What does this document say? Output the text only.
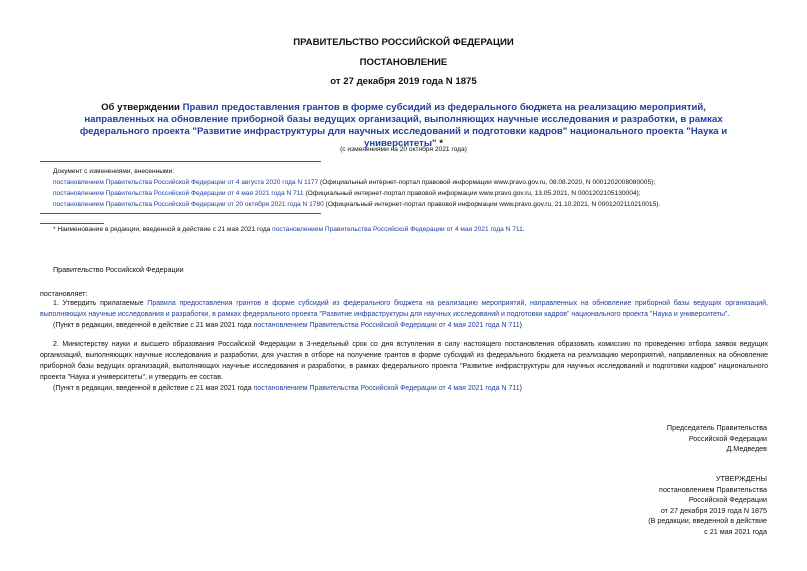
ПРАВИТЕЛЬСТВО РОССИЙСКОЙ ФЕДЕРАЦИИ
ПОСТАНОВЛЕНИЕ
от 27 декабря 2019 года N 1875
Об утверждении Правил предоставления грантов в форме субсидий из федерального бюджета на реализацию мероприятий, направленных на обновление приборной базы ведущих организаций, выполняющих научные исследования и разработки, в рамках федерального проекта "Развитие инфраструктуры для научных исследований и подготовки кадров" национального проекта "Наука и университеты" *
(с изменениями на 20 октября 2021 года)
Документ с изменениями, внесенными:
постановлением Правительства Российской Федерации от 4 августа 2020 года N 1177 (Официальный интернет-портал правовой информации www.pravo.gov.ru, 08.08.2020, N 0001202008080005);
постановлением Правительства Российской Федерации от 4 мая 2021 года N 711 (Официальный интернет-портал правовой информации www.pravo.gov.ru, 13.05.2021, N 0001202105130004);
постановлением Правительства Российской Федерации от 20 октября 2021 года N 1780 (Официальный интернет-портал правовой информации www.pravo.gov.ru, 21.10.2021, N 0001202110210015).
* Наименование в редакции, введенной в действие с 21 мая 2021 года постановлением Правительства Российской Федерации от 4 мая 2021 года N 711.
Правительство Российской Федерации
постановляет:
1. Утвердить прилагаемые Правила предоставления грантов в форме субсидий из федерального бюджета на реализацию мероприятий, направленных на обновление приборной базы ведущих организаций, выполняющих научные исследования и разработки, в рамках федерального проекта "Развитие инфраструктуры для научных исследований и подготовки кадров" национального проекта "Наука и университеты".
(Пункт в редакции, введенной в действие с 21 мая 2021 года постановлением Правительства Российской Федерации от 4 мая 2021 года N 711)
2. Министерству науки и высшего образования Российской Федерации в 3-недельный срок со дня вступления в силу настоящего постановления образовать комиссию по проведению отбора заявок ведущих организаций, выполняющих научные исследования и разработки, для участия в отборе на получение грантов в форме субсидий из федерального бюджета на реализацию мероприятий, направленных на обновление приборной базы ведущих организаций, выполняющих научные исследования и разработки, в рамках федерального проекта "Развитие инфраструктуры для научных исследований и подготовки кадров" национального проекта "Наука и университеты", и утвердить ее состав.
(Пункт в редакции, введенной в действие с 21 мая 2021 года постановлением Правительства Российской Федерации от 4 мая 2021 года N 711)
Председатель Правительства
Российской Федерации
Д.Медведев
УТВЕРЖДЕНЫ
постановлением Правительства
Российской Федерации
от 27 декабря 2019 года N 1875
(В редакции, введенной в действие
с 21 мая 2021 года
